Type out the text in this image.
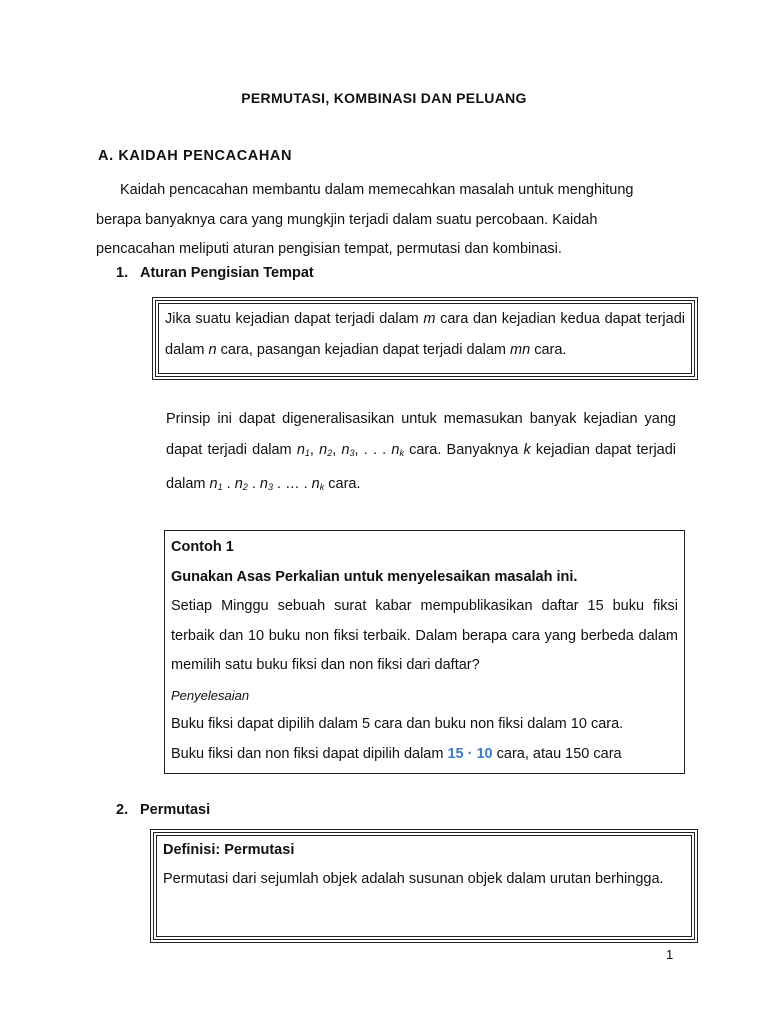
PERMUTASI, KOMBINASI DAN PELUANG
A. KAIDAH PENCACAHAN
Kaidah pencacahan membantu dalam memecahkan masalah untuk menghitung berapa banyaknya cara yang mungkjin terjadi dalam suatu percobaan. Kaidah pencacahan meliputi aturan pengisian tempat, permutasi dan kombinasi.
1. Aturan Pengisian Tempat
Jika suatu kejadian dapat terjadi dalam m cara dan kejadian kedua dapat terjadi dalam n cara, pasangan kejadian dapat terjadi dalam mn cara.
Prinsip ini dapat digeneralisasikan untuk memasukan banyak kejadian yang dapat terjadi dalam $n_1$, $n_2$, $n_3$, . . . $n_k$ cara. Banyaknya k kejadian dapat terjadi dalam $n_1$ . $n_2$ . $n_3$ . … . $n_k$ cara.
Contoh 1
Gunakan Asas Perkalian untuk menyelesaikan masalah ini.
Setiap Minggu sebuah surat kabar mempublikasikan daftar 15 buku fiksi terbaik dan 10 buku non fiksi terbaik. Dalam berapa cara yang berbeda dalam memilih satu buku fiksi dan non fiksi dari daftar?
Penyelesaian
Buku fiksi dapat dipilih dalam 5 cara dan buku non fiksi dalam 10 cara.
Buku fiksi dan non fiksi dapat dipilih dalam 15 · 10 cara, atau 150 cara
2. Permutasi
Definisi: Permutasi
Permutasi dari sejumlah objek adalah susunan objek dalam urutan berhingga.
1
